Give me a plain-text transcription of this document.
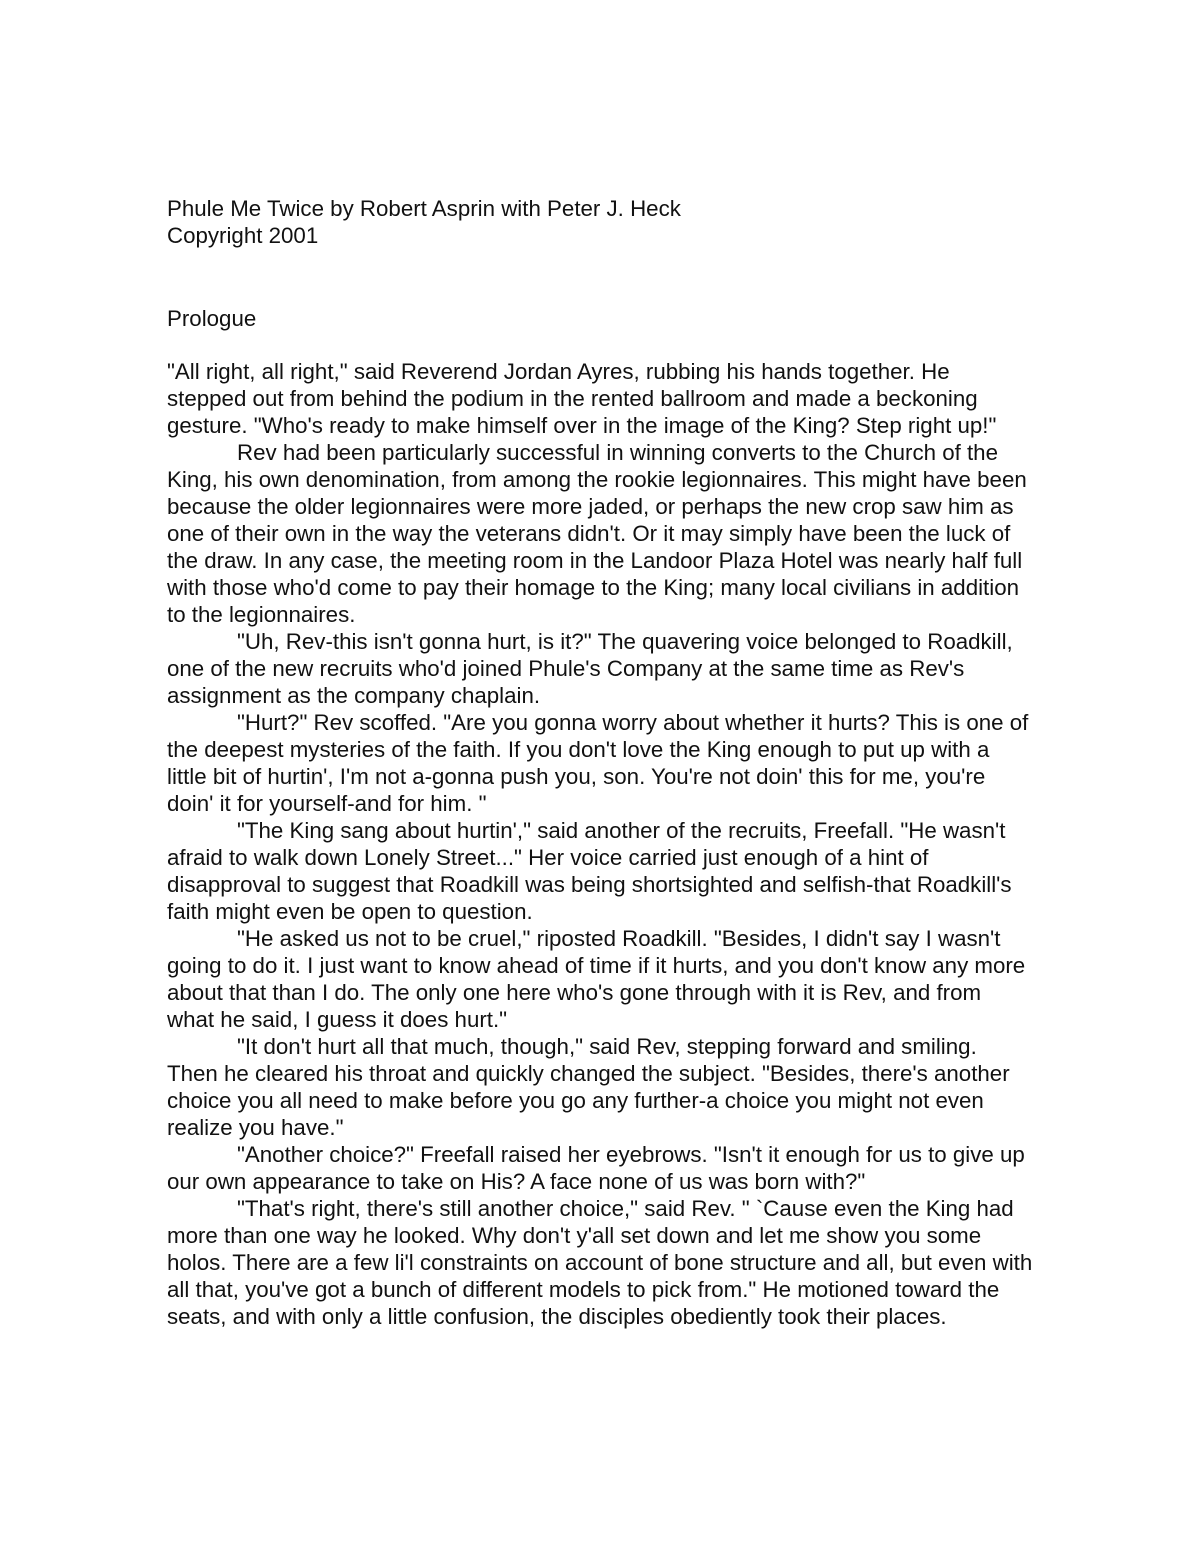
Phule Me Twice by Robert Asprin with Peter J. Heck

Copyright 2001

Prologue

"All right, all right," said Reverend Jordan Ayres, rubbing his hands together. He stepped out from behind the podium in the rented ballroom and made a beckoning gesture. "Who's ready to make himself over in the image of the King? Step right up!"

Rev had been particularly successful in winning converts to the Church of the King, his own denomination, from among the rookie legionnaires. This might have been because the older legionnaires were more jaded, or perhaps the new crop saw him as one of their own in the way the veterans didn't. Or it may simply have been the luck of the draw. In any case, the meeting room in the Landoor Plaza Hotel was nearly half full with those who'd come to pay their homage to the King; many local civilians in addition to the legionnaires.

"Uh, Rev-this isn't gonna hurt, is it?" The quavering voice belonged to Roadkill, one of the new recruits who'd joined Phule's Company at the same time as Rev's assignment as the company chaplain.

"Hurt?" Rev scoffed. "Are you gonna worry about whether it hurts? This is one of the deepest mysteries of the faith. If you don't love the King enough to put up with a little bit of hurtin', I'm not a-gonna push you, son. You're not doin' this for me, you're doin' it for yourself-and for him. "

"The King sang about hurtin'," said another of the recruits, Freefall. "He wasn't afraid to walk down Lonely Street..." Her voice carried just enough of a hint of disapproval to suggest that Roadkill was being shortsighted and selfish-that Roadkill's faith might even be open to question.

"He asked us not to be cruel," riposted Roadkill. "Besides, I didn't say I wasn't going to do it. I just want to know ahead of time if it hurts, and you don't know any more about that than I do. The only one here who's gone through with it is Rev, and from what he said, I guess it does hurt."

"It don't hurt all that much, though," said Rev, stepping forward and smiling. Then he cleared his throat and quickly changed the subject. "Besides, there's another choice you all need to make before you go any further-a choice you might not even realize you have."

"Another choice?" Freefall raised her eyebrows. "Isn't it enough for us to give up our own appearance to take on His? A face none of us was born with?"

"That's right, there's still another choice," said Rev. " `Cause even the King had more than one way he looked. Why don't y'all set down and let me show you some holos. There are a few li'l constraints on account of bone structure and all, but even with all that, you've got a bunch of different models to pick from." He motioned toward the seats, and with only a little confusion, the disciples obediently took their places.
